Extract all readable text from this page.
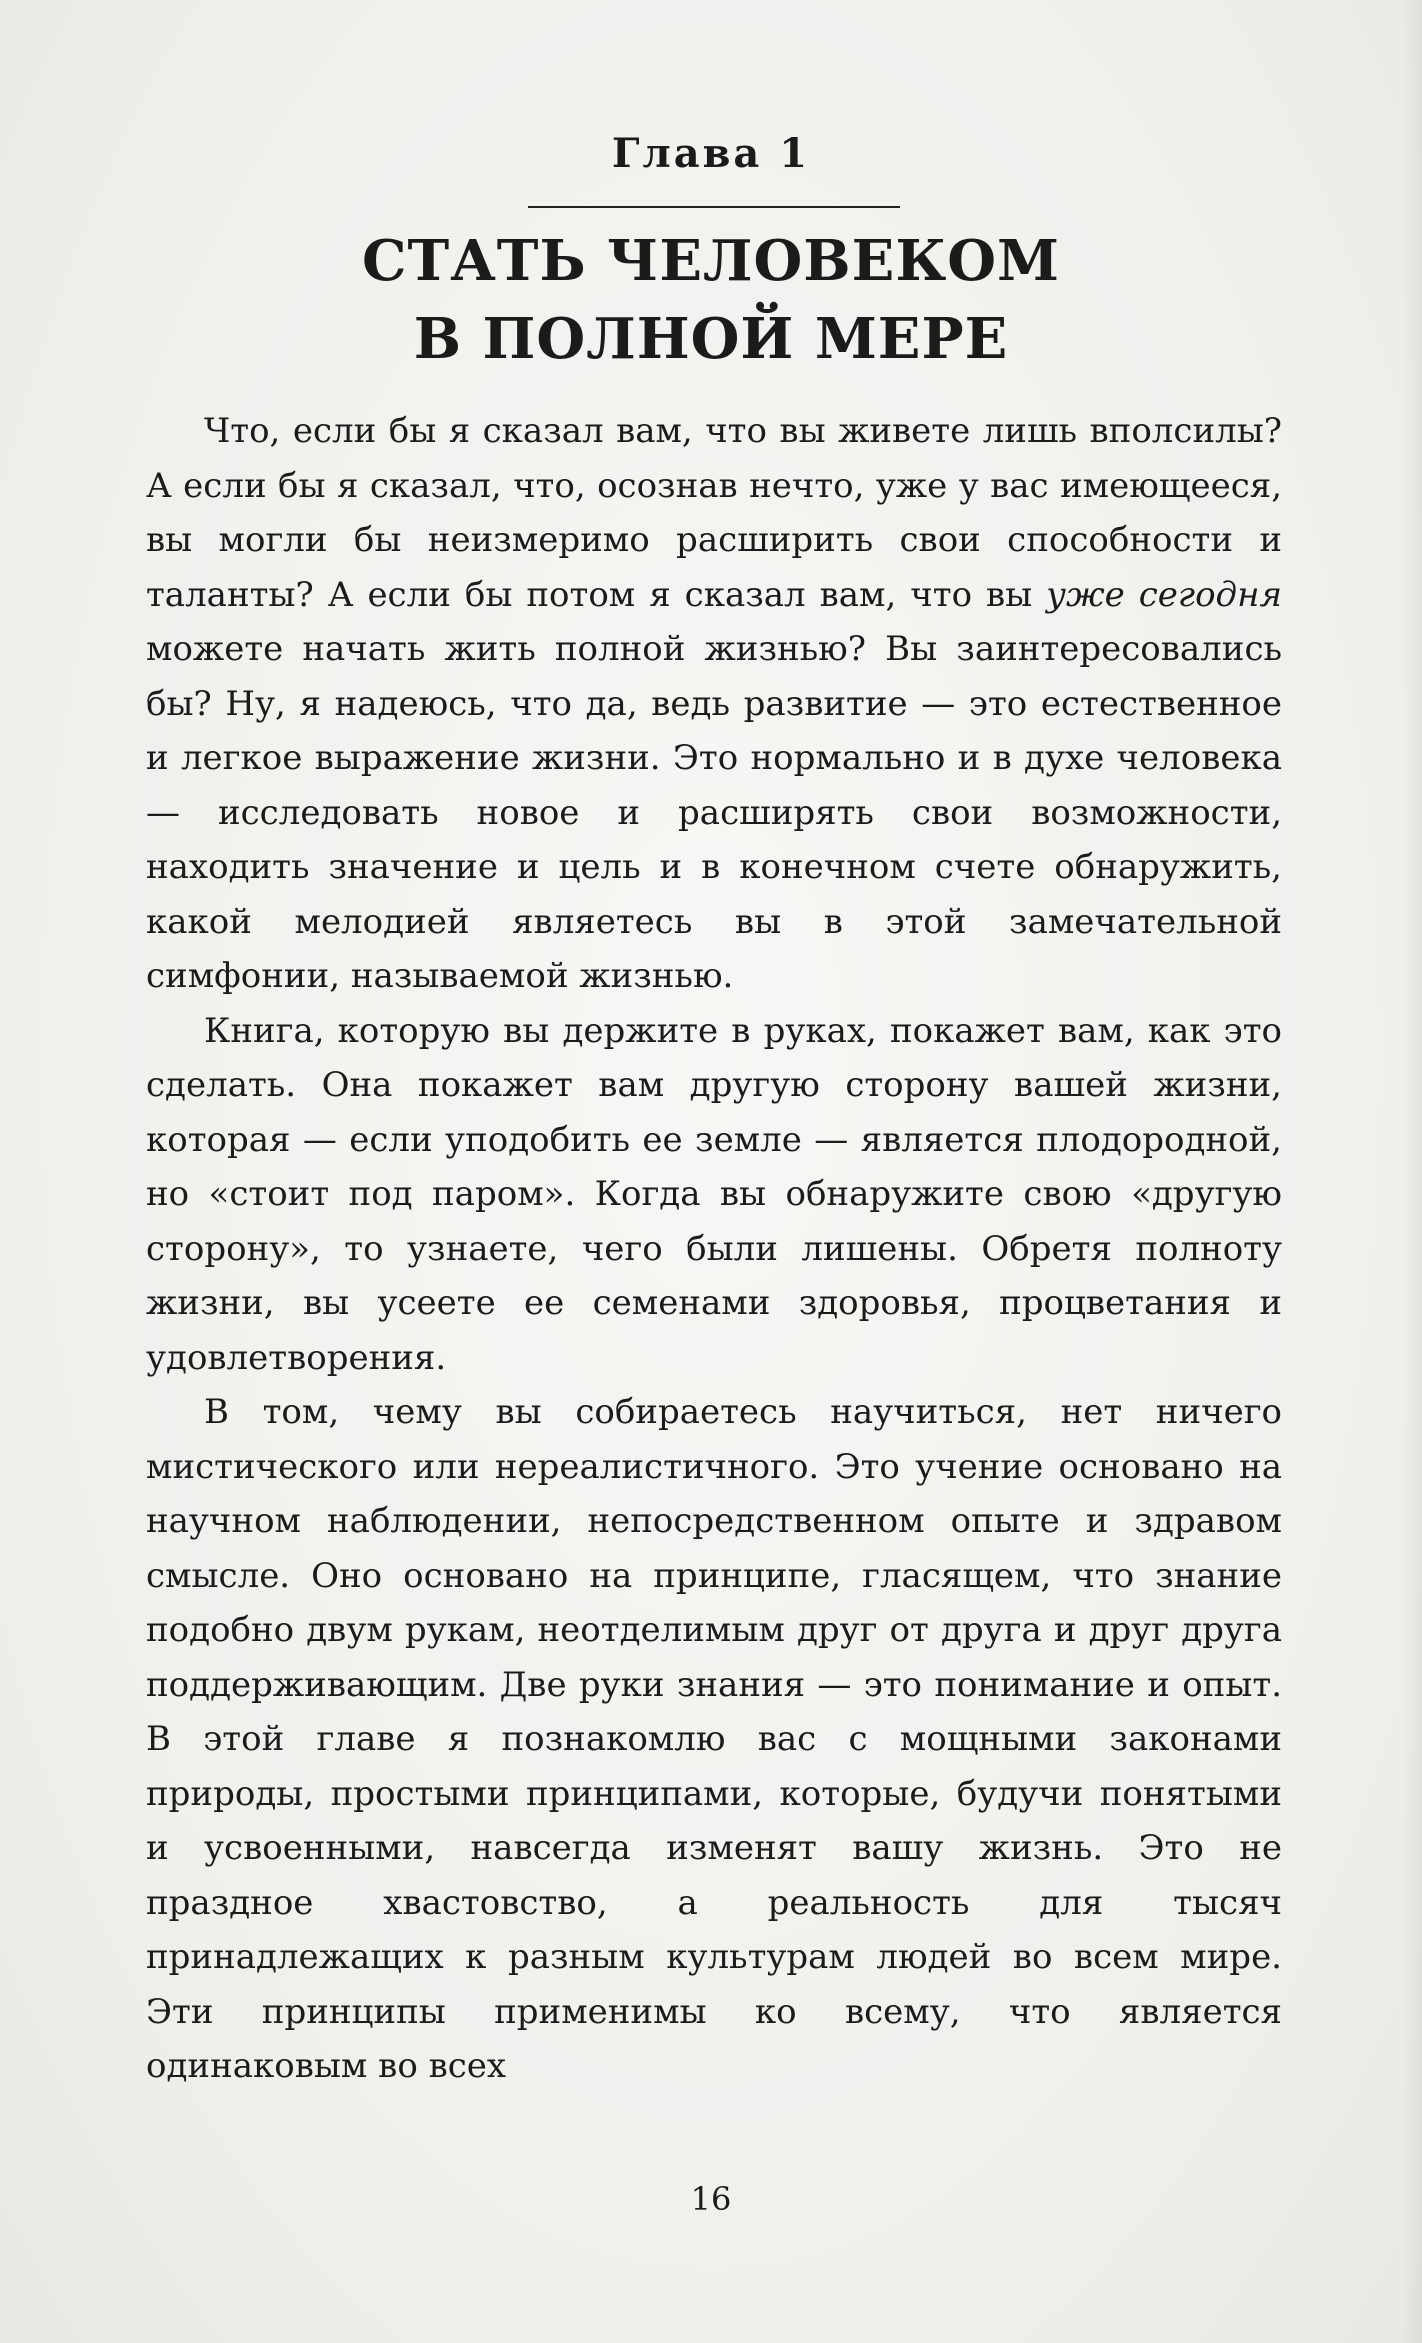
Глава 1
СТАТЬ ЧЕЛОВЕКОМ
В ПОЛНОЙ МЕРЕ

Что, если бы я сказал вам, что вы живете лишь вполсилы? А если бы я сказал, что, осознав нечто, уже у вас имеющееся, вы могли бы неизмеримо расширить свои способности и таланты? А если бы потом я сказал вам, что вы уже сегодня можете начать жить полной жизнью? Вы заинтересовались бы? Ну, я надеюсь, что да, ведь развитие — это естественное и легкое выражение жизни. Это нормально и в духе человека — исследовать новое и расширять свои возможности, находить значение и цель и в конечном счете обнаружить, какой мелодией являетесь вы в этой замечательной симфонии, называемой жизнью.

Книга, которую вы держите в руках, покажет вам, как это сделать. Она покажет вам другую сторону вашей жизни, которая — если уподобить ее земле — является плодородной, но «стоит под паром». Когда вы обнаружите свою «другую сторону», то узнаете, чего были лишены. Обретя полноту жизни, вы усеете ее семенами здоровья, процветания и удовлетворения.

В том, чему вы собираетесь научиться, нет ничего мистического или нереалистичного. Это учение основано на научном наблюдении, непосредственном опыте и здравом смысле. Оно основано на принципе, гласящем, что знание подобно двум рукам, неотделимым друг от друга и друг друга поддерживающим. Две руки знания — это понимание и опыт. В этой главе я познакомлю вас с мощными законами природы, простыми принципами, которые, будучи понятыми и усвоенными, навсегда изменят вашу жизнь. Это не праздное хвастовство, а реальность для тысяч принадлежащих к разным культурам людей во всем мире. Эти принципы применимы ко всему, что является одинаковым во всех

16
